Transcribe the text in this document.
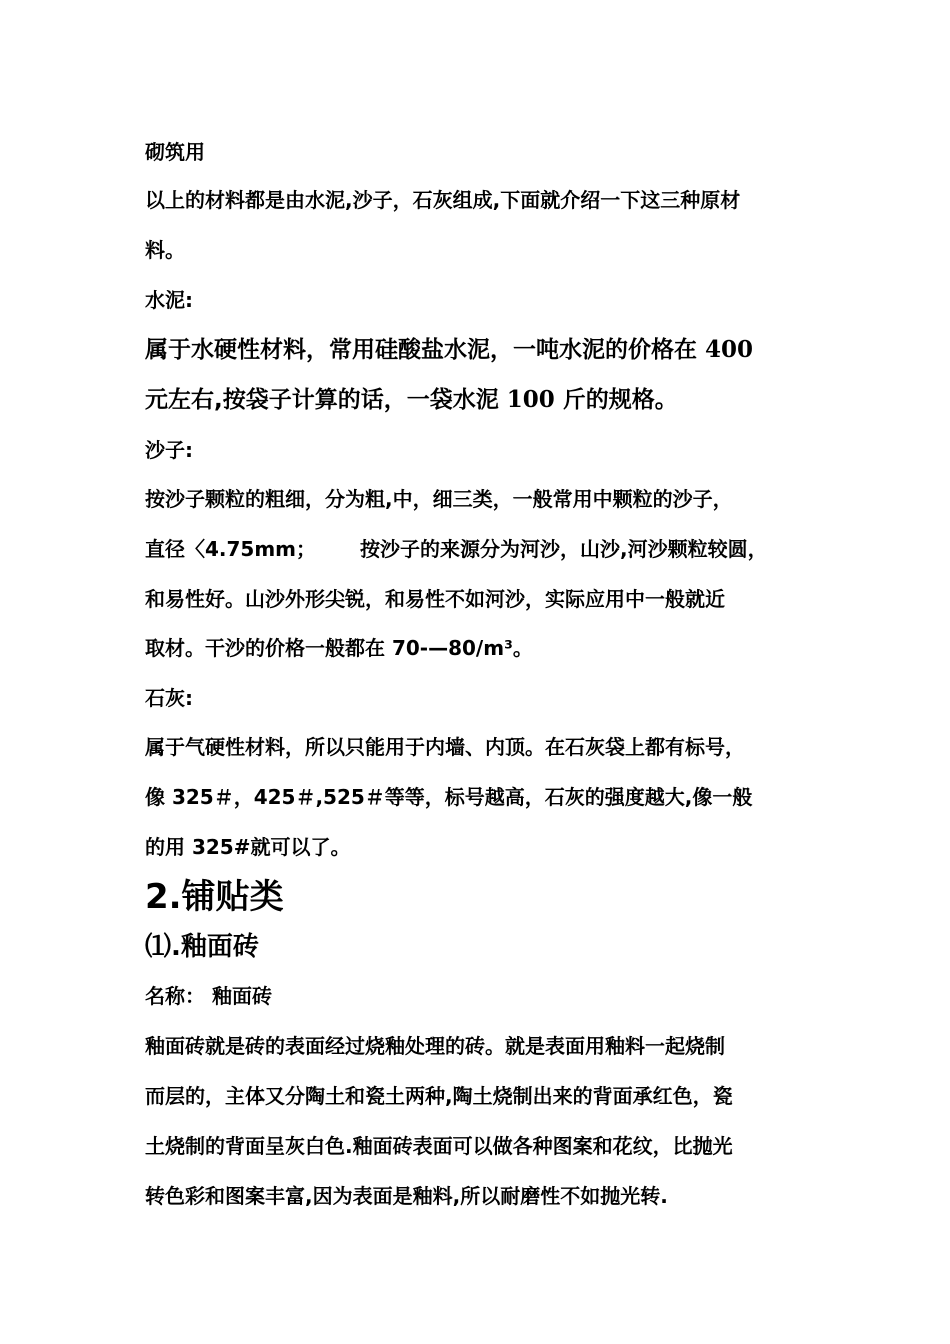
砌筑用

以上的材料都是由水泥,沙子，石灰组成,下面就介绍一下这三种原材

料。

水泥:

属于水硬性材料，常用硅酸盐水泥，一吨水泥的价格在 400

元左右,按袋子计算的话，一袋水泥 100 斤的规格。

沙子:

按沙子颗粒的粗细，分为粗,中，细三类，一般常用中颗粒的沙子，

直径〈4.75mm； 按沙子的来源分为河沙，山沙,河沙颗粒较圆，

和易性好。山沙外形尖锐，和易性不如河沙，实际应用中一般就近

取材。干沙的价格一般都在 70-—80/m³。

石灰:

属于气硬性材料，所以只能用于内墙、内顶。在石灰袋上都有标号，

像 325＃，425＃,525＃等等，标号越高，石灰的强度越大,像一般

的用 325#就可以了。

2.铺贴类

⑴.釉面砖

名称： 釉面砖

釉面砖就是砖的表面经过烧釉处理的砖。就是表面用釉料一起烧制

而层的，主体又分陶土和瓷土两种,陶土烧制出来的背面承红色，瓷

土烧制的背面呈灰白色.釉面砖表面可以做各种图案和花纹，比抛光

转色彩和图案丰富,因为表面是釉料,所以耐磨性不如抛光转.
